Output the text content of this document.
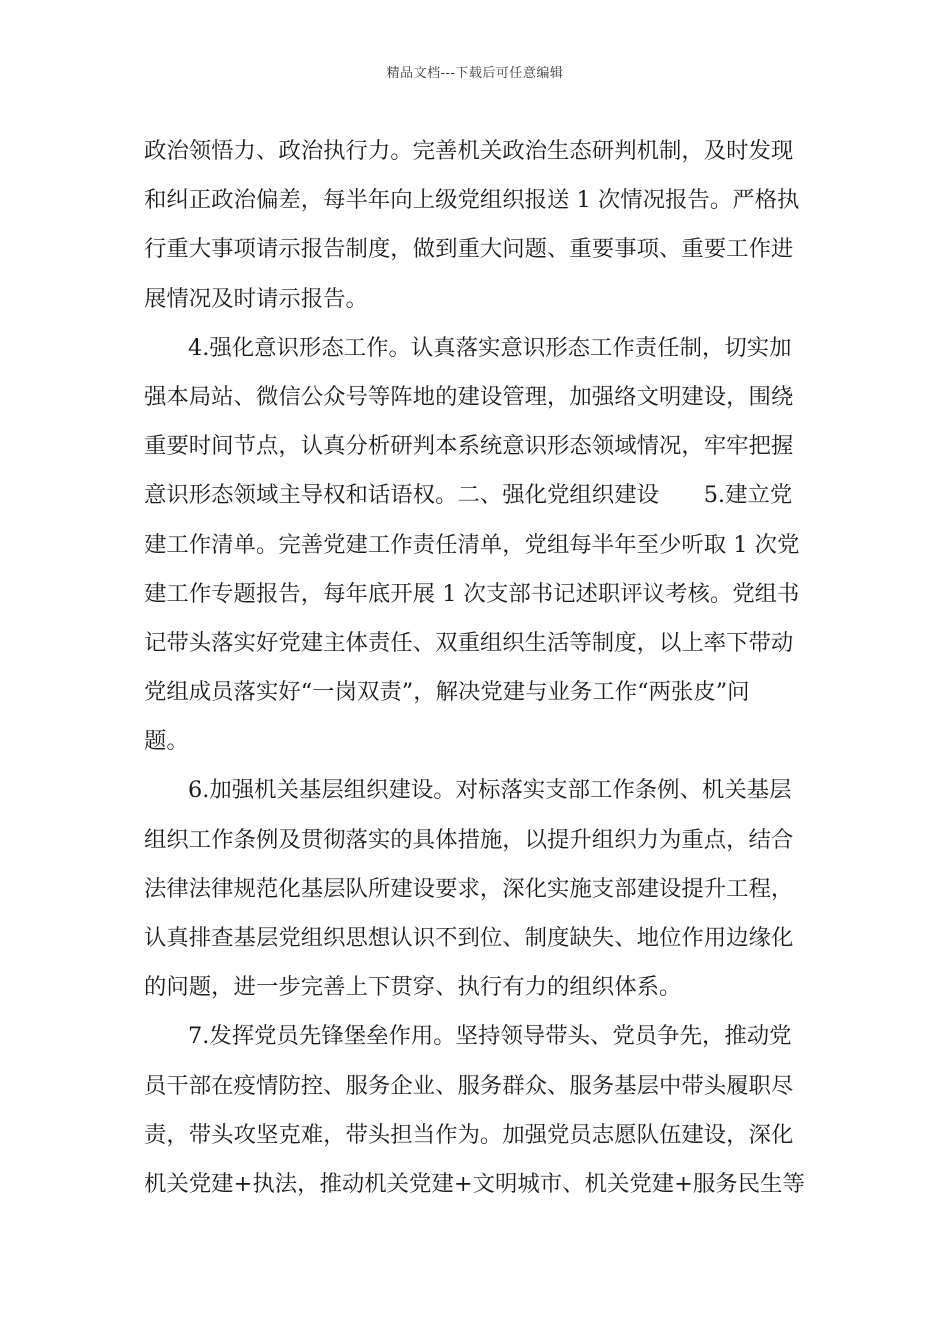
精品文档---下载后可任意编辑
政治领悟力、政治执行力。完善机关政治生态研判机制，及时发现
和纠正政治偏差，每半年向上级党组织报送 1 次情况报告。严格执
行重大事项请示报告制度，做到重大问题、重要事项、重要工作进
展情况及时请示报告。
4.强化意识形态工作。认真落实意识形态工作责任制，切实加
强本局站、微信公众号等阵地的建设管理，加强络文明建设，围绕
重要时间节点，认真分析研判本系统意识形态领域情况，牢牢把握
意识形态领域主导权和话语权。二、强化党组织建设　　5.建立党
建工作清单。完善党建工作责任清单，党组每半年至少听取 1 次党
建工作专题报告，每年底开展 1 次支部书记述职评议考核。党组书
记带头落实好党建主体责任、双重组织生活等制度，以上率下带动
党组成员落实好“一岗双责”，解决党建与业务工作“两张皮”问
题。
6.加强机关基层组织建设。对标落实支部工作条例、机关基层
组织工作条例及贯彻落实的具体措施，以提升组织力为重点，结合
法律法律规范化基层队所建设要求，深化实施支部建设提升工程，
认真排查基层党组织思想认识不到位、制度缺失、地位作用边缘化
的问题，进一步完善上下贯穿、执行有力的组织体系。
7.发挥党员先锋堡垒作用。坚持领导带头、党员争先，推动党
员干部在疫情防控、服务企业、服务群众、服务基层中带头履职尽
责，带头攻坚克难，带头担当作为。加强党员志愿队伍建设，深化
机关党建+执法，推动机关党建+文明城市、机关党建+服务民生等
